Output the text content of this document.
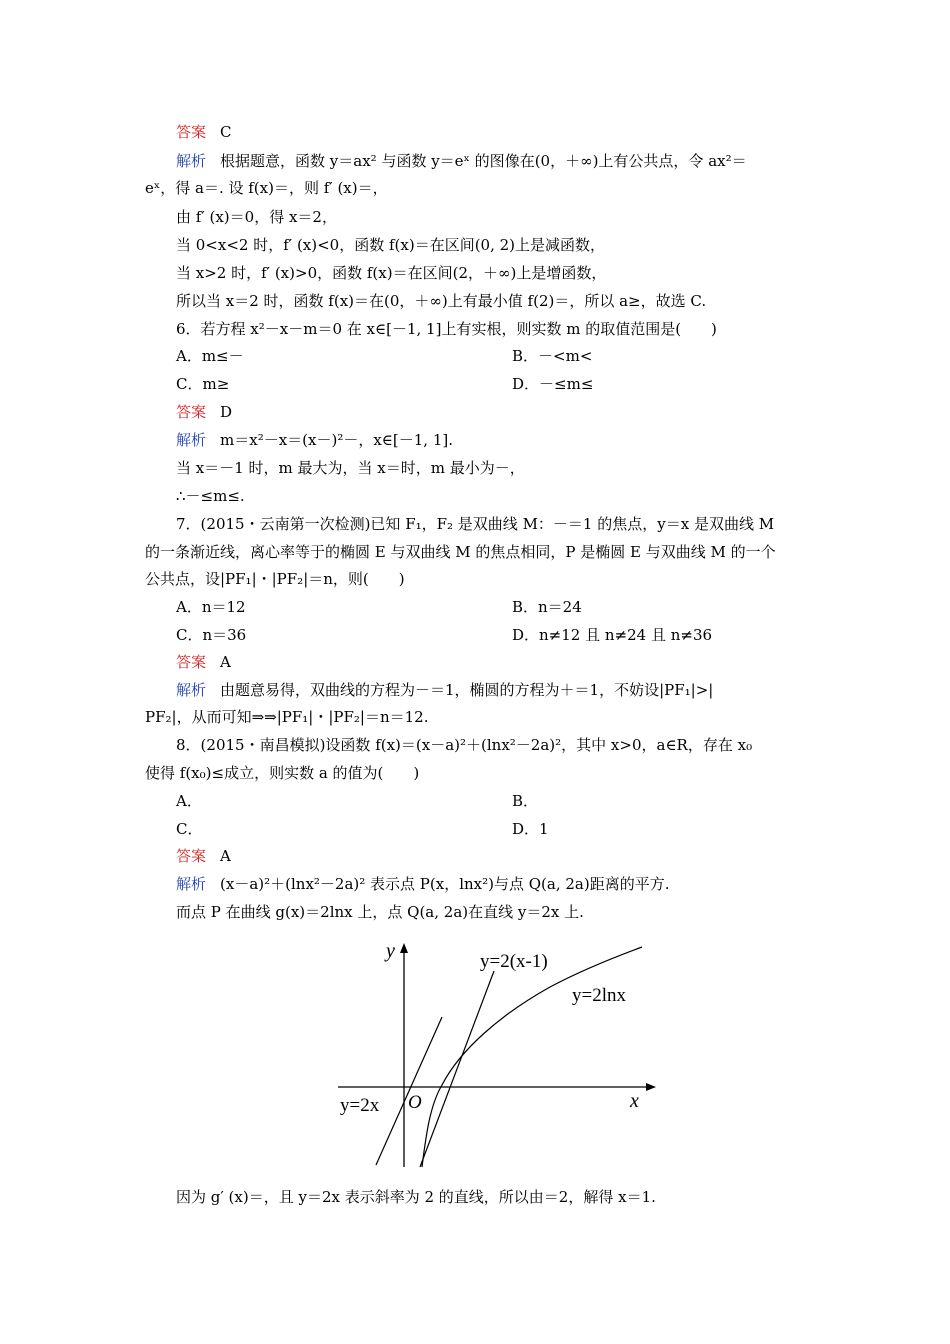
答案 C
解析 根据题意，函数 y＝ax² 与函数 y＝eˣ 的图像在(0，＋∞)上有公共点，令 ax²＝
eˣ，得 a＝. 设 f(x)＝，则 f′ (x)＝，
由 f′ (x)＝0，得 x＝2，
当 0<x<2 时，f′ (x)<0，函数 f(x)＝在区间(0, 2)上是减函数，
当 x>2 时，f′ (x)>0，函数 f(x)＝在区间(2，＋∞)上是增函数，
所以当 x＝2 时，函数 f(x)＝在(0，＋∞)上有最小值 f(2)＝，所以 a≥，故选 C.
6．若方程 x²－x－m＝0 在 x∈[－1, 1]上有实根，则实数 m 的取值范围是(　　)
A．m≤－	B．－<m<
C．m≥	D．－≤m≤
答案 D
解析 m＝x²－x＝(x－)²－，x∈[－1, 1].
当 x＝－1 时，m 最大为，当 x＝时，m 最小为－，
∴－≤m≤.
7．(2015・云南第一次检测)已知 F₁，F₂ 是双曲线 M：－＝1 的焦点，y＝x 是双曲线 M
的一条渐近线，离心率等于的椭圆 E 与双曲线 M 的焦点相同，P 是椭圆 E 与双曲线 M 的一个
公共点，设|PF₁|・|PF₂|＝n，则(　　)
A．n＝12	B．n＝24
C．n＝36	D．n≠12 且 n≠24 且 n≠36
答案 A
解析 由题意易得，双曲线的方程为－＝1，椭圆的方程为＋＝1，不妨设|PF₁|>|
PF₂|，从而可知⇒⇒|PF₁|・|PF₂|＝n＝12.
8．(2015・南昌模拟)设函数 f(x)＝(x－a)²＋(lnx²－2a)²，其中 x>0，a∈R，存在 x₀
使得 f(x₀)≤成立，则实数 a 的值为(　　)
A．	B．
C．	D．1
答案 A
解析 (x－a)²＋(lnx²－2a)² 表示点 P(x，lnx²)与点 Q(a, 2a)距离的平方.
而点 P 在曲线 g(x)＝2lnx 上，点 Q(a, 2a)在直线 y＝2x 上.
y
x
O
y=2(x-1)
y=2lnx
y=2x
因为 g′ (x)＝，且 y＝2x 表示斜率为 2 的直线，所以由＝2，解得 x＝1.
